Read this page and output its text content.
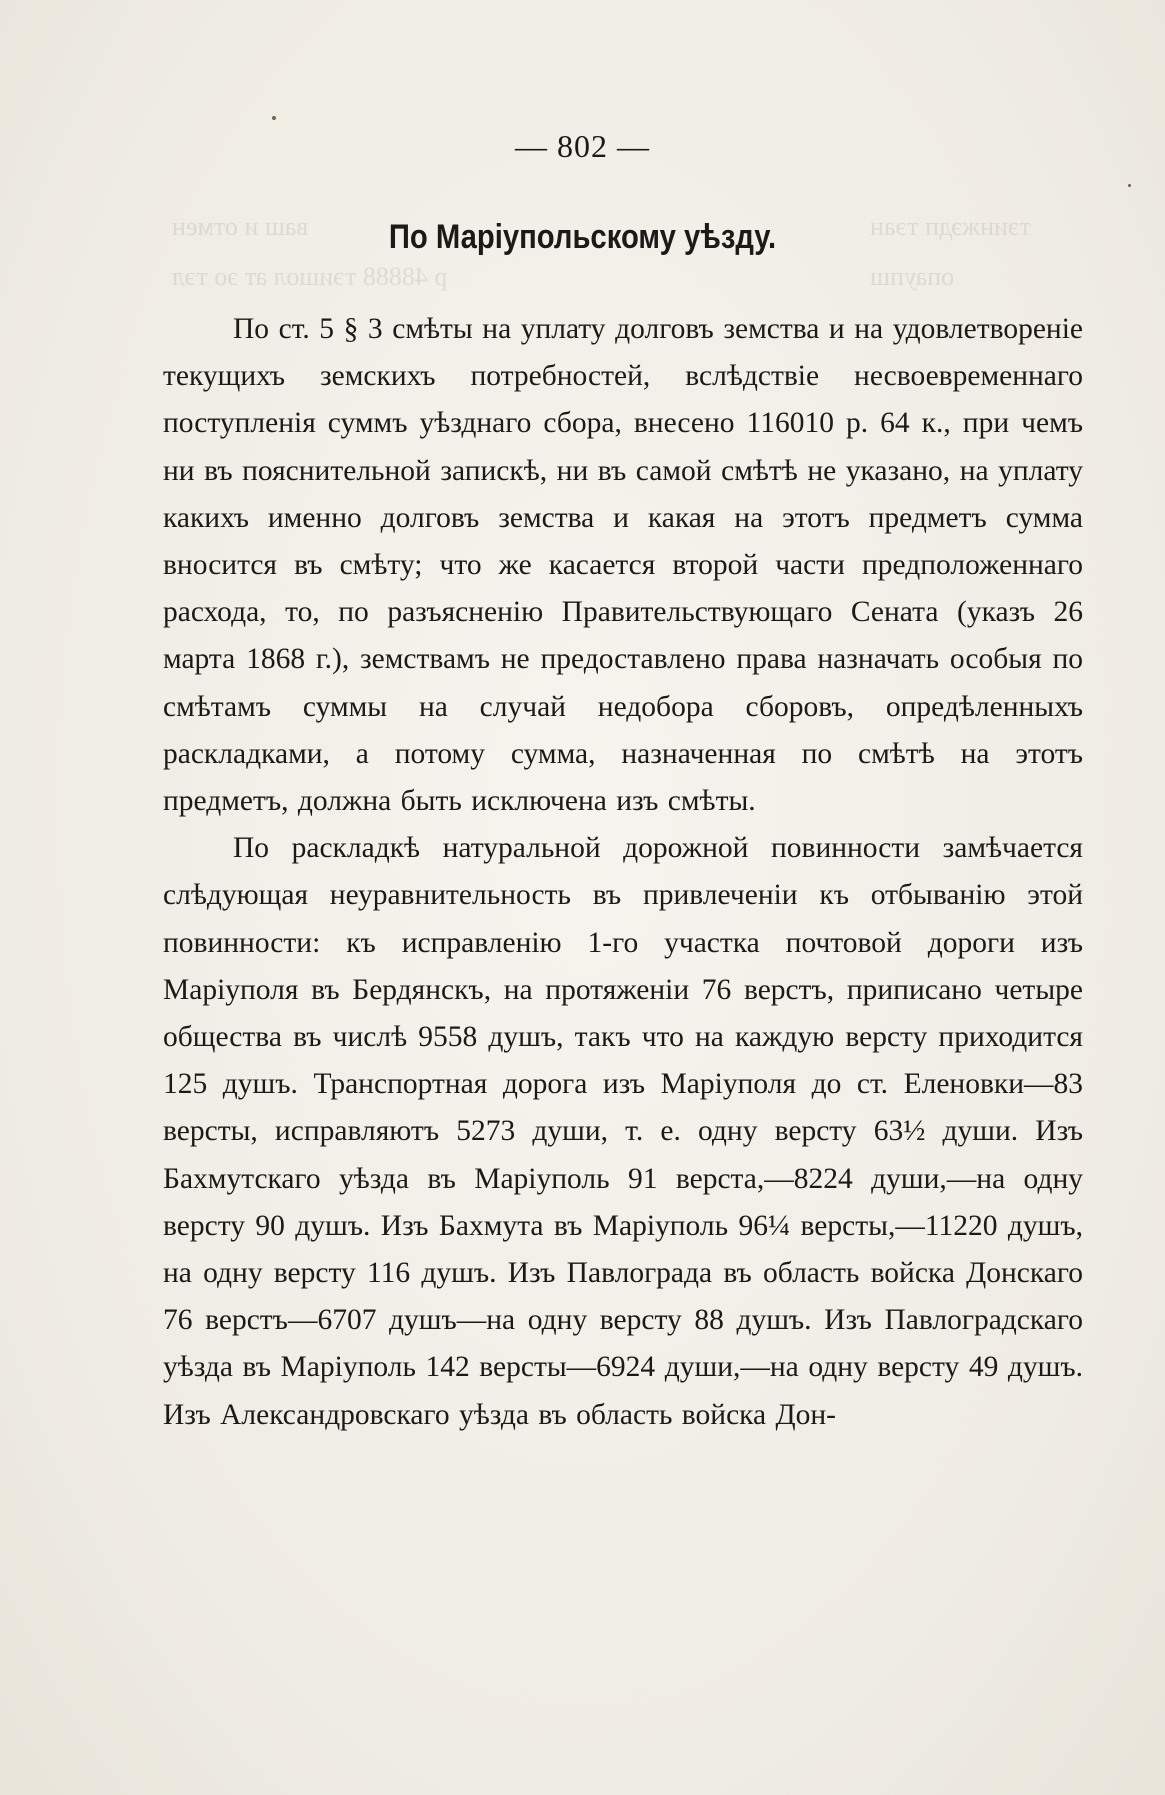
ваш и отмен	тэинжэдп тэан
р 48888 тэишол ат эо тэл	опаупш
— 802 —
По Маріупольскому уѣзду.

По ст. 5 § 3 смѣты на уплату долговъ земства и на удовлетвореніе текущихъ земскихъ потребностей, вслѣдствіе несвоевременнаго поступленія суммъ уѣзднаго сбора, внесено 116010 р. 64 к., при чемъ ни въ пояснительной запискѣ, ни въ самой смѣтѣ не указано, на уплату какихъ именно долговъ земства и какая на этотъ предметъ сумма вносится въ смѣту; что же касается второй части предположеннаго расхода, то, по разъясненію Правительствующаго Сената (указъ 26 марта 1868 г.), земствамъ не предоставлено права назначать особыя по смѣтамъ суммы на случай недобора сборовъ, опредѣленныхъ раскладками, а потому сумма, назначенная по смѣтѣ на этотъ предметъ, должна быть исключена изъ смѣты.

По раскладкѣ натуральной дорожной повинности замѣчается слѣдующая неуравнительность въ привлеченіи къ отбыванію этой повинности: къ исправленію 1-го участка почтовой дороги изъ Маріуполя въ Бердянскъ, на протяженіи 76 верстъ, приписано четыре общества въ числѣ 9558 душъ, такъ что на каждую версту приходится 125 душъ. Транспортная дорога изъ Маріуполя до ст. Еленовки—83 версты, исправляютъ 5273 души, т. е. одну версту 63½ души. Изъ Бахмутскаго уѣзда въ Маріуполь 91 верста,—8224 души,—на одну версту 90 душъ. Изъ Бахмута въ Маріуполь 96¼ версты,—11220 душъ, на одну версту 116 душъ. Изъ Павлограда въ область войска Донскаго 76 верстъ—6707 душъ—на одну версту 88 душъ. Изъ Павлоградскаго уѣзда въ Маріуполь 142 версты—6924 души,—на одну версту 49 душъ. Изъ Александровскаго уѣзда въ область войска Дон-
